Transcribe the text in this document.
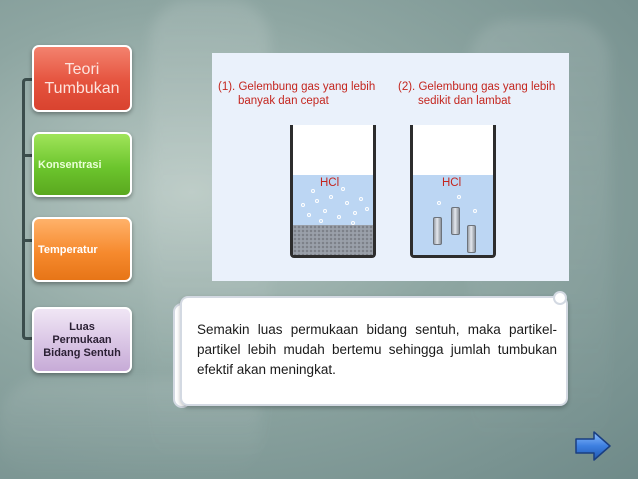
Teori
Tumbukan
Konsentrasi
Temperatur
Luas
Permukaan
Bidang Sentuh
(1). Gelembung gas yang lebih
banyak dan cepat
(2). Gelembung gas yang lebih
sedikit dan lambat
HCl	HCl
Semakin luas permukaan bidang sentuh, maka partikel-partikel lebih mudah bertemu sehingga jumlah tumbukan efektif akan meningkat.
